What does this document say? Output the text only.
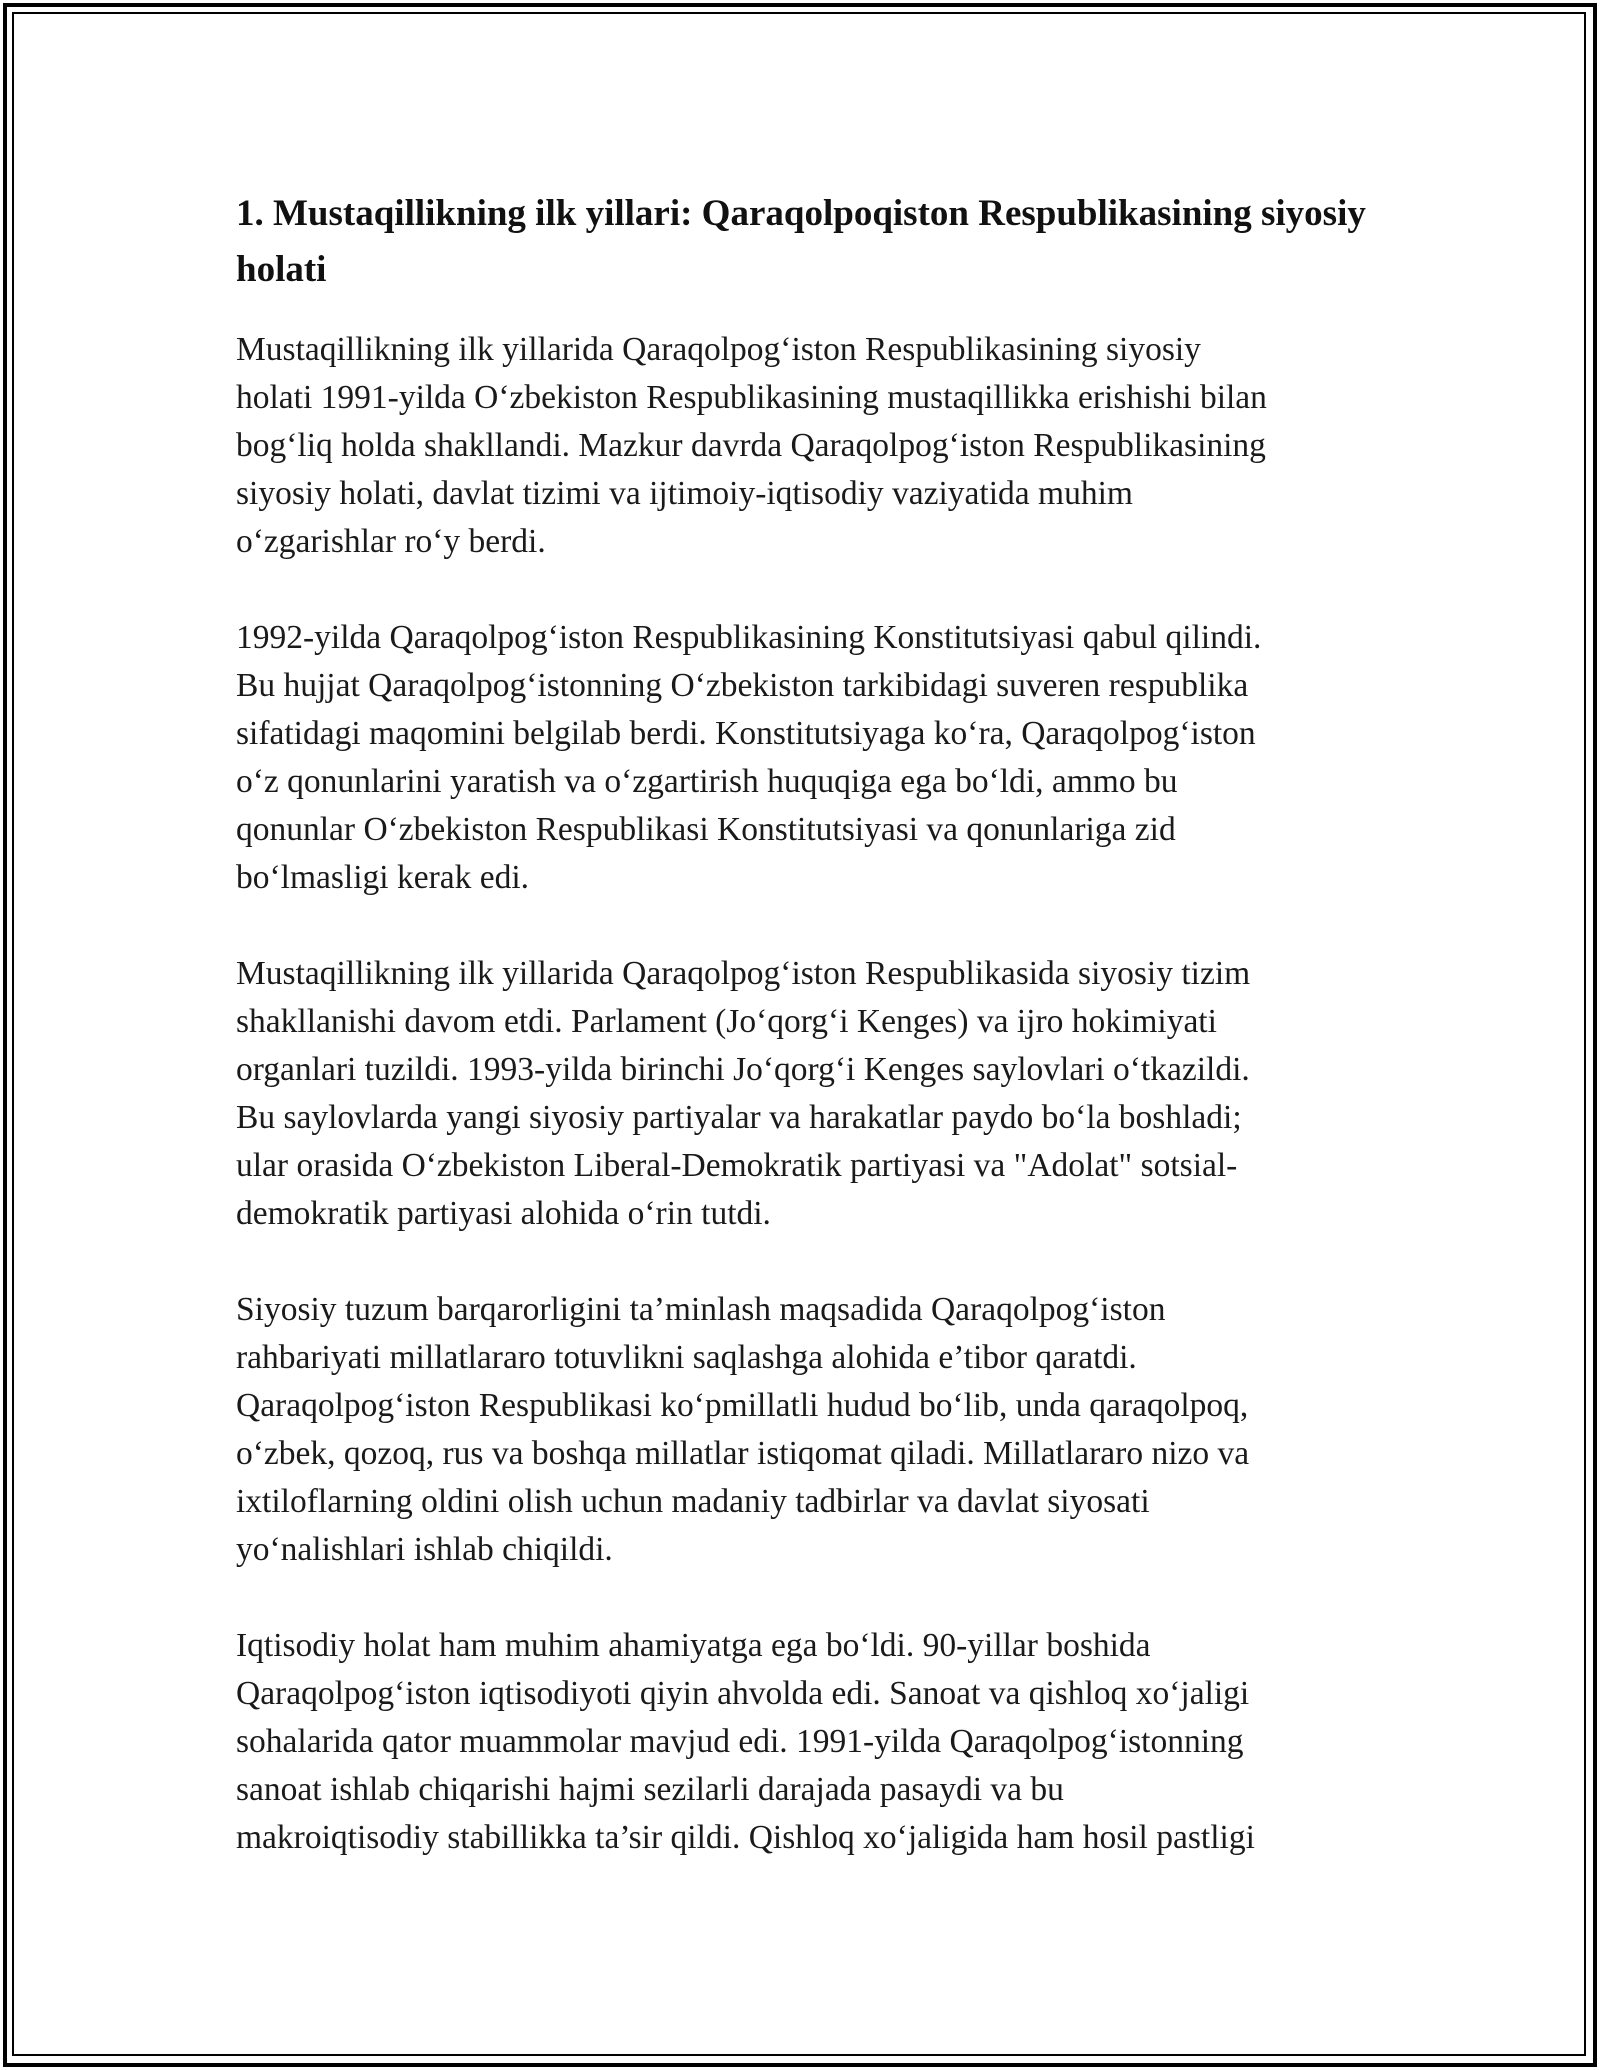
1. Mustaqillikning ilk yillari: Qaraqolpoqiston Respublikasining siyosiy holati

Mustaqillikning ilk yillarida Qaraqolpogʻiston Respublikasining siyosiy
holati 1991-yilda Oʻzbekiston Respublikasining mustaqillikka erishishi bilan
bogʻliq holda shakllandi. Mazkur davrda Qaraqolpogʻiston Respublikasining
siyosiy holati, davlat tizimi va ijtimoiy-iqtisodiy vaziyatida muhim
oʻzgarishlar roʻy berdi.

1992-yilda Qaraqolpogʻiston Respublikasining Konstitutsiyasi qabul qilindi.
Bu hujjat Qaraqolpogʻistonning Oʻzbekiston tarkibidagi suveren respublika
sifatidagi maqomini belgilab berdi. Konstitutsiyaga koʻra, Qaraqolpogʻiston
oʻz qonunlarini yaratish va oʻzgartirish huquqiga ega boʻldi, ammo bu
qonunlar Oʻzbekiston Respublikasi Konstitutsiyasi va qonunlariga zid
boʻlmasligi kerak edi.

Mustaqillikning ilk yillarida Qaraqolpogʻiston Respublikasida siyosiy tizim
shakllanishi davom etdi. Parlament (Joʻqorgʻi Kenges) va ijro hokimiyati
organlari tuzildi. 1993-yilda birinchi Joʻqorgʻi Kenges saylovlari oʻtkazildi.
Bu saylovlarda yangi siyosiy partiyalar va harakatlar paydo boʻla boshladi;
ular orasida Oʻzbekiston Liberal-Demokratik partiyasi va "Adolat" sotsial-
demokratik partiyasi alohida oʻrin tutdi.

Siyosiy tuzum barqarorligini ta’minlash maqsadida Qaraqolpogʻiston
rahbariyati millatlararo totuvlikni saqlashga alohida e’tibor qaratdi.
Qaraqolpogʻiston Respublikasi koʻpmillatli hudud boʻlib, unda qaraqolpoq,
oʻzbek, qozoq, rus va boshqa millatlar istiqomat qiladi. Millatlararo nizo va
ixtiloflarning oldini olish uchun madaniy tadbirlar va davlat siyosati
yoʻnalishlari ishlab chiqildi.

Iqtisodiy holat ham muhim ahamiyatga ega boʻldi. 90-yillar boshida
Qaraqolpogʻiston iqtisodiyoti qiyin ahvolda edi. Sanoat va qishloq xoʻjaligi
sohalarida qator muammolar mavjud edi. 1991-yilda Qaraqolpogʻistonning
sanoat ishlab chiqarishi hajmi sezilarli darajada pasaydi va bu
makroiqtisodiy stabillikka ta’sir qildi. Qishloq xoʻjaligida ham hosil pastligi
